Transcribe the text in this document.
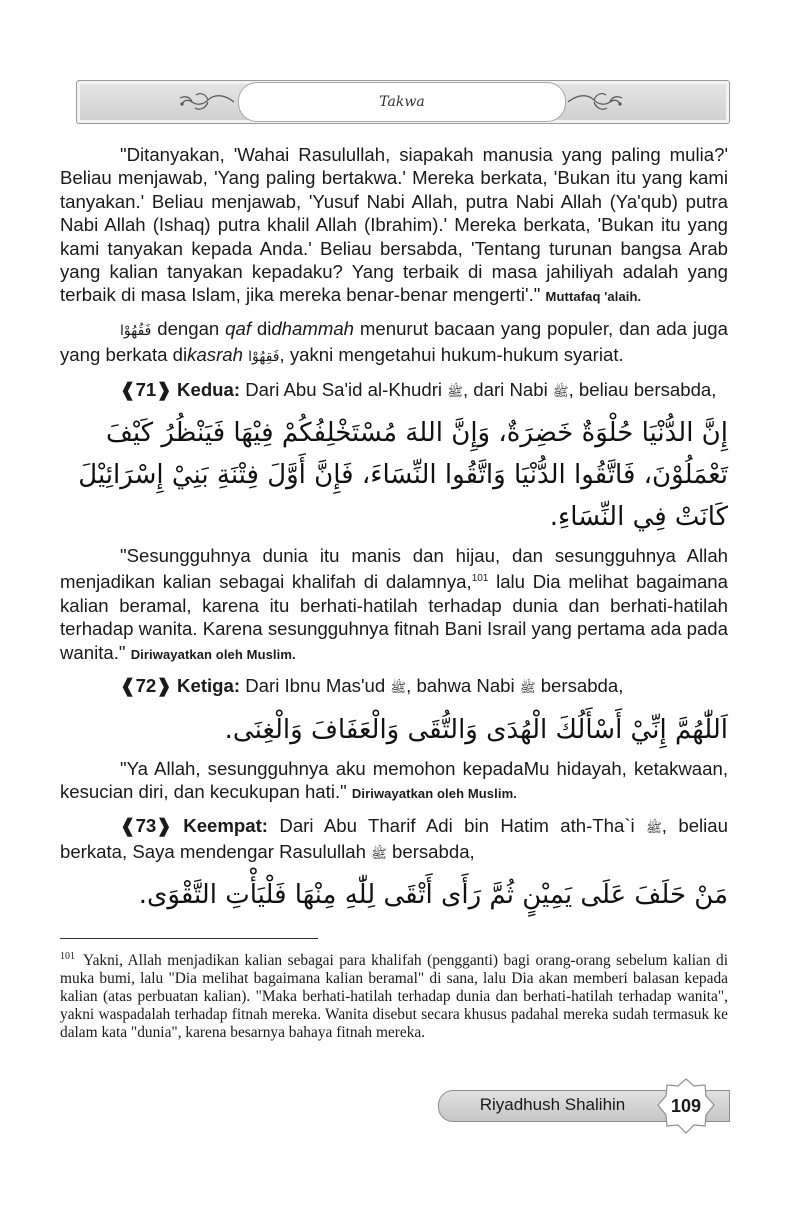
Takwa

"Ditanyakan, 'Wahai Rasulullah, siapakah manusia yang paling mulia?' Beliau menjawab, 'Yang paling bertakwa.' Mereka berkata, 'Bukan itu yang kami tanyakan.' Beliau menjawab, 'Yusuf Nabi Allah, putra Nabi Allah (Ya'qub) putra Nabi Allah (Ishaq) putra khalil Allah (Ibrahim).' Mereka berkata, 'Bukan itu yang kami tanyakan kepada Anda.' Beliau bersabda, 'Tentang turunan bangsa Arab yang kalian tanyakan kepadaku? Yang terbaik di masa jahiliyah adalah yang terbaik di masa Islam, jika mereka benar-benar mengerti'." Muttafaq 'alaih.

فَقُهُوْا dengan qaf didhammah menurut bacaan yang populer, dan ada juga yang berkata dikasrah فَقِهُوْا, yakni mengetahui hukum-hukum syariat.

❰71❱ Kedua: Dari Abu Sa'id al-Khudri ﷺ, dari Nabi ﷺ, beliau bersabda,

إِنَّ الدُّنْيَا حُلْوَةٌ خَضِرَةٌ، وَإِنَّ اللهَ مُسْتَخْلِفُكُمْ فِيْهَا فَيَنْظُرُ كَيْفَ تَعْمَلُوْنَ، فَاتَّقُوا الدُّنْيَا وَاتَّقُوا النِّسَاءَ، فَإِنَّ أَوَّلَ فِتْنَةِ بَنِيْ إِسْرَائِيْلَ كَانَتْ فِي النِّسَاءِ.

"Sesungguhnya dunia itu manis dan hijau, dan sesungguhnya Allah menjadikan kalian sebagai khalifah di dalamnya,$^{101}$ lalu Dia melihat bagaimana kalian beramal, karena itu berhati-hatilah terhadap dunia dan berhati-hatilah terhadap wanita. Karena sesungguhnya fitnah Bani Israil yang pertama ada pada wanita." Diriwayatkan oleh Muslim.

❰72❱ Ketiga: Dari Ibnu Mas'ud ﷺ, bahwa Nabi ﷺ bersabda,

اَللّٰهُمَّ إِنِّيْ أَسْأَلُكَ الْهُدَى وَالتُّقَى وَالْعَفَافَ وَالْغِنَى.

"Ya Allah, sesungguhnya aku memohon kepadaMu hidayah, ketakwaan, kesucian diri, dan kecukupan hati." Diriwayatkan oleh Muslim.

❰73❱ Keempat: Dari Abu Tharif Adi bin Hatim ath-Tha`i ﷺ, beliau berkata, Saya mendengar Rasulullah ﷺ bersabda,

مَنْ حَلَفَ عَلَى يَمِيْنٍ ثُمَّ رَأَى أَتْقَى لِلّٰهِ مِنْهَا فَلْيَأْتِ التَّقْوَى.
$^{101}$ Yakni, Allah menjadikan kalian sebagai para khalifah (pengganti) bagi orang-orang sebelum kalian di muka bumi, lalu "Dia melihat bagaimana kalian beramal" di sana, lalu Dia akan memberi balasan kepada kalian (atas perbuatan kalian). "Maka berhati-hatilah terhadap dunia dan berhati-hatilah terhadap wanita", yakni waspadalah terhadap fitnah mereka. Wanita disebut secara khusus padahal mereka sudah termasuk ke dalam kata "dunia", karena besarnya bahaya fitnah mereka.
Riyadhush Shalihin	109
